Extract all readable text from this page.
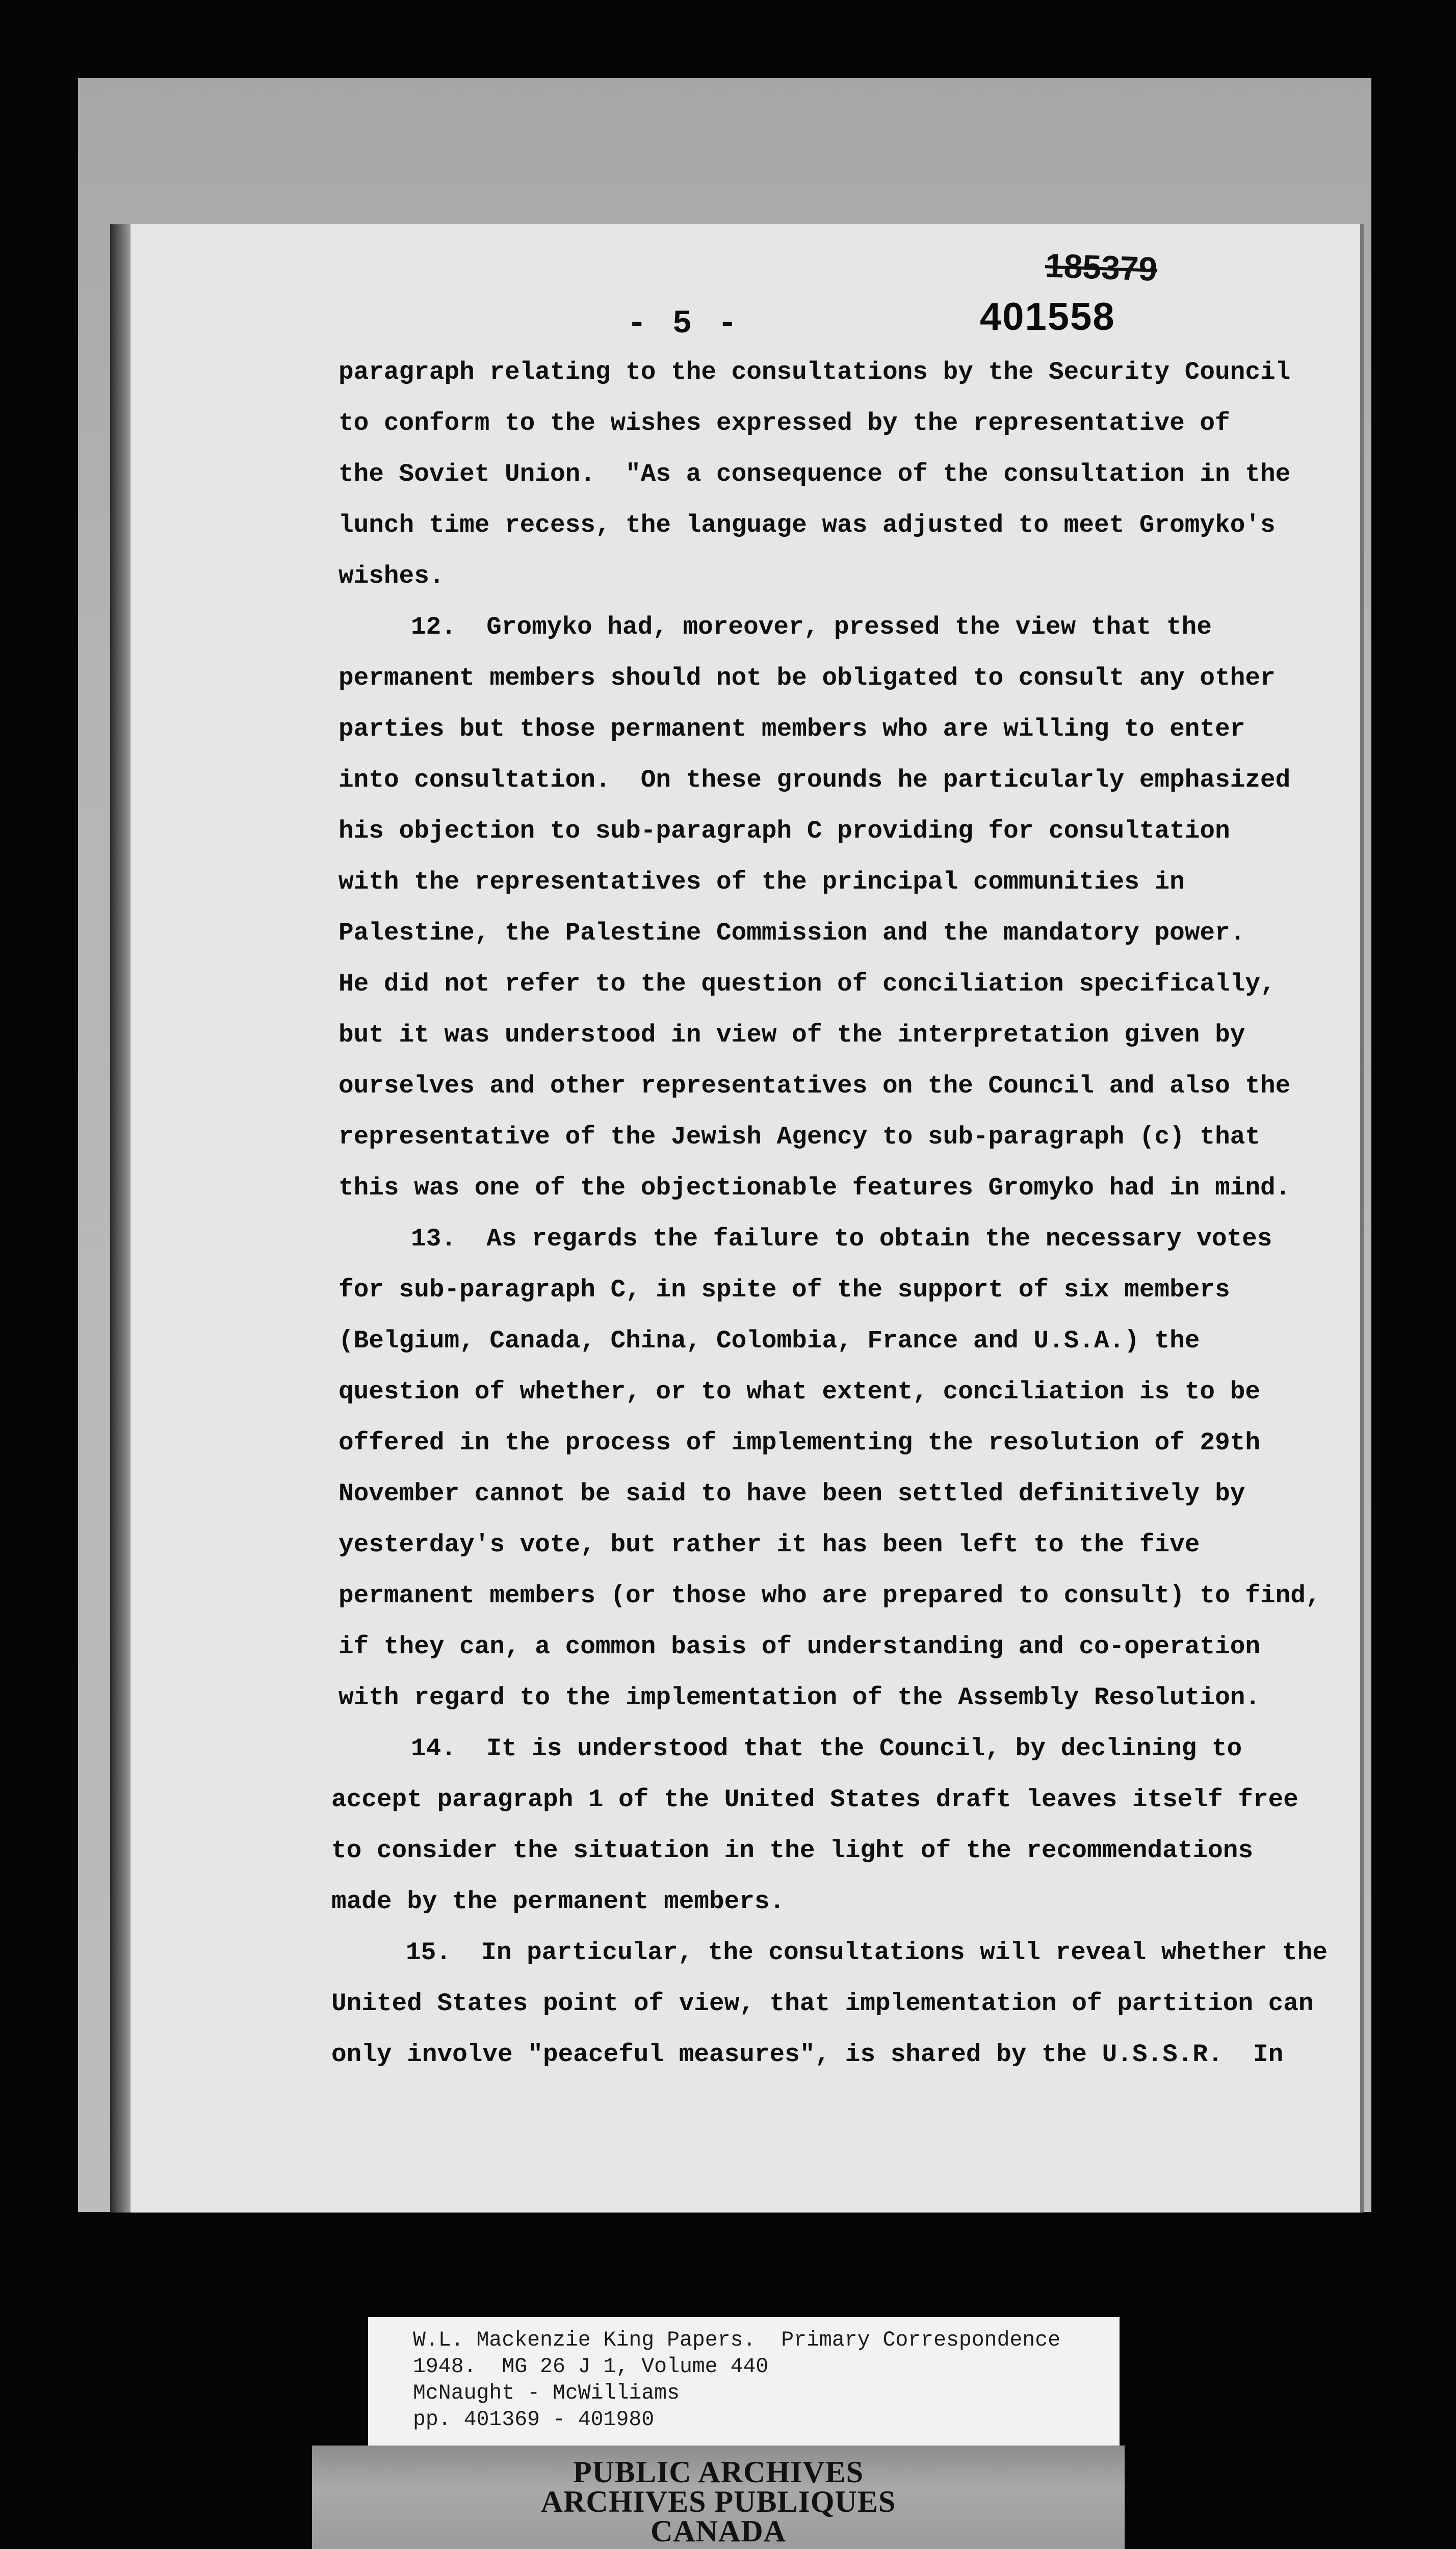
185379
401558
- 5 -
paragraph relating to the consultations by the Security Council
to conform to the wishes expressed by the representative of
the Soviet Union.  "As a consequence of the consultation in the
lunch time recess, the language was adjusted to meet Gromyko's
wishes.
12.  Gromyko had, moreover, pressed the view that the
permanent members should not be obligated to consult any other
parties but those permanent members who are willing to enter
into consultation.  On these grounds he particularly emphasized
his objection to sub-paragraph C providing for consultation
with the representatives of the principal communities in
Palestine, the Palestine Commission and the mandatory power.
He did not refer to the question of conciliation specifically,
but it was understood in view of the interpretation given by
ourselves and other representatives on the Council and also the
representative of the Jewish Agency to sub-paragraph (c) that
this was one of the objectionable features Gromyko had in mind.
13.  As regards the failure to obtain the necessary votes
for sub-paragraph C, in spite of the support of six members
(Belgium, Canada, China, Colombia, France and U.S.A.) the
question of whether, or to what extent, conciliation is to be
offered in the process of implementing the resolution of 29th
November cannot be said to have been settled definitively by
yesterday's vote, but rather it has been left to the five
permanent members (or those who are prepared to consult) to find,
if they can, a common basis of understanding and co-operation
with regard to the implementation of the Assembly Resolution.
14.  It is understood that the Council, by declining to
accept paragraph 1 of the United States draft leaves itself free
to consider the situation in the light of the recommendations
made by the permanent members.
15.  In particular, the consultations will reveal whether the
United States point of view, that implementation of partition can
only involve "peaceful measures", is shared by the U.S.S.R.  In
W.L. Mackenzie King Papers.  Primary Correspondence
1948.  MG 26 J 1, Volume 440
McNaught - McWilliams
pp. 401369 - 401980
PUBLIC ARCHIVES
ARCHIVES PUBLIQUES
CANADA
